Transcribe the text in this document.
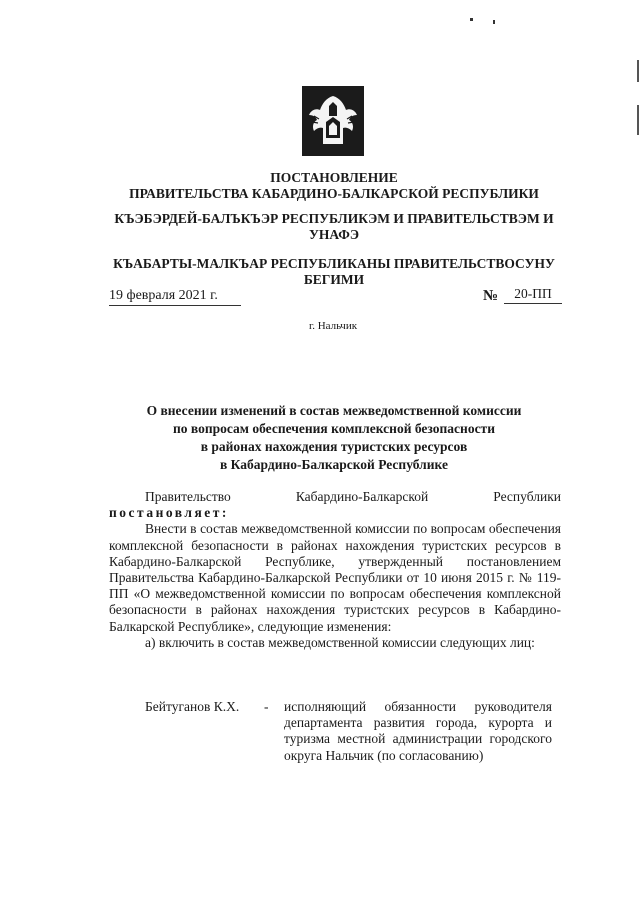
ПОСТАНОВЛЕНИЕ
ПРАВИТЕЛЬСТВА КАБАРДИНО-БАЛКАРСКОЙ РЕСПУБЛИКИ
КЪЭБЭРДЕЙ-БАЛЪКЪЭР РЕСПУБЛИКЭМ И ПРАВИТЕЛЬСТВЭМ И
УНАФЭ
КЪАБАРТЫ-МАЛКЪАР РЕСПУБЛИКАНЫ ПРАВИТЕЛЬСТВОСУНУ
БЕГИМИ
19 февраля 2021 г.	№	20-ПП
г. Нальчик
О внесении изменений в состав межведомственной комиссии
по вопросам обеспечения комплексной безопасности
в районах нахождения туристских ресурсов
в Кабардино-Балкарской Республике
Правительство	Кабардино-Балкарской	Республики
постановляет:
Внести в состав межведомственной комиссии по вопросам обеспечения комплексной безопасности в районах нахождения туристских ресурсов в Кабардино-Балкарской Республике, утвержденный постановлением Правительства Кабардино-Балкарской Республики от 10 июня 2015 г. № 119-ПП «О межведомственной комиссии по вопросам обеспечения комплексной безопасности в районах нахождения туристских ресурсов в Кабардино-Балкарской Республике», следующие изменения:
а) включить в состав межведомственной комиссии следующих лиц:
Бейтуганов К.Х.	-	исполняющий обязанности руководителя департамента развития города, курорта и туризма местной администрации городского округа Нальчик (по согласованию)
